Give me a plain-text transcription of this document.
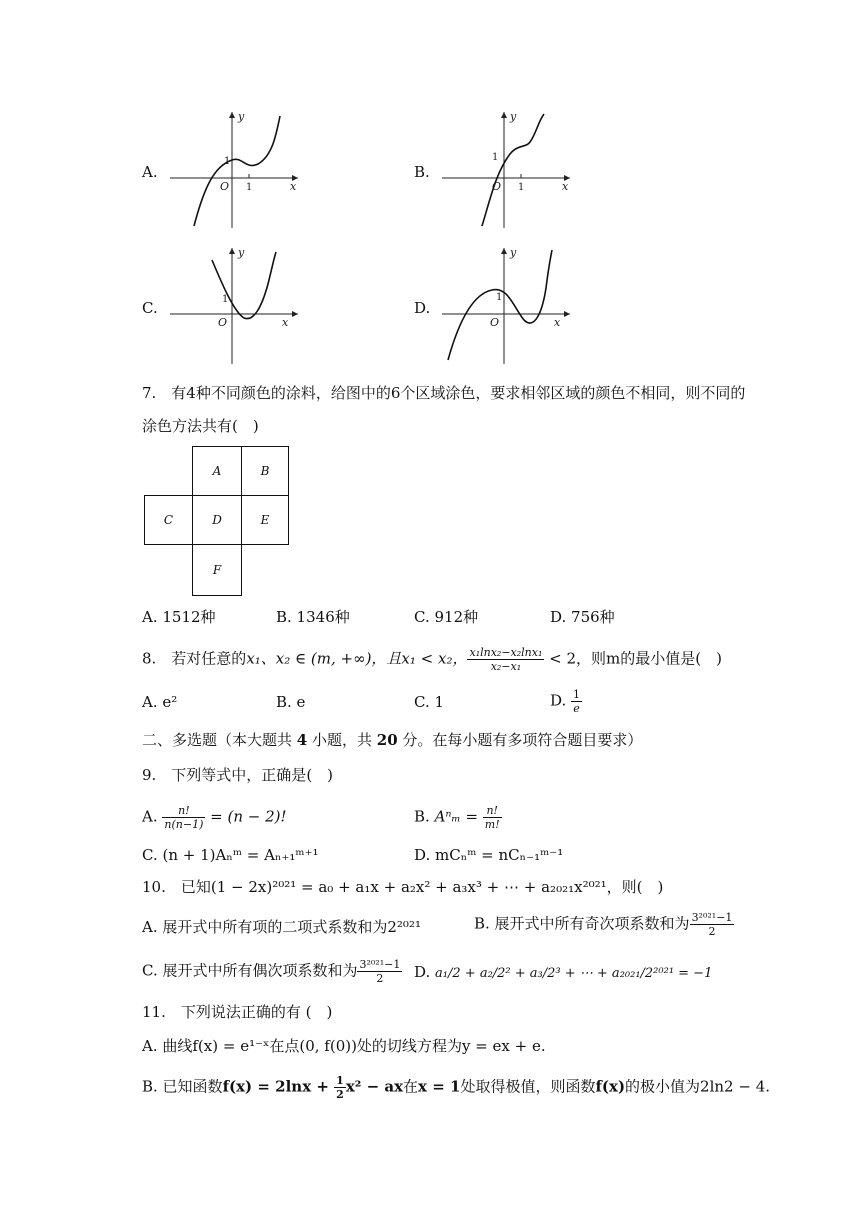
A.
y
x
O
1
1
B.
y
x
O
1
1
C.
y
x
O
1	D.
y
x
O
1
7.　有4种不同颜色的涂料，给图中的6个区域涂色，要求相邻区域的颜色不相同，则不同的
涂色方法共有(　)
A	B
C	D	E
F
A. 1512种	B. 1346种	C. 912种	D. 756种
8.　若对任意的x₁、x₂ ∈ (m, +∞)，且x₁ < x₂， $\frac{\text{x₁lnx₂−x₂lnx₁}}{\text{x₂−x₁}} < 2$，则m的最小值是(　)
A. e²	B. e	C. 1	D. $\frac{1}{e}$
二、多选题（本大题共 4 小题，共 20 分。在每小题有多项符合题目要求）
9.　下列等式中，正确是(　)
A. $\frac{n!}{n(n-1)} = (n - 2)$!	B. $A^n_m = \frac{n!}{m!}$
C. (n + 1)Aₙᵐ = Aₙ₊₁ᵐ⁺¹	D. mCₙᵐ = nCₙ₋₁ᵐ⁻¹
10.　已知(1 − 2x)²⁰²¹ = a₀ + a₁x + a₂x² + a₃x³ + ⋯ + a₂₀₂₁x²⁰²¹，则(　)
A. 展开式中所有项的二项式系数和为2²⁰²¹	B. 展开式中所有奇次项系数和为 $\frac{\text{3²⁰²¹−1}}{2}$
C. 展开式中所有偶次项系数和为 $\frac{\text{3²⁰²¹−1}}{2} D$. a₁/2 + a₂/2² + a₃/2³ + ⋯ + a₂₀₂₁/2²⁰²¹ = −1
11.　下列说法正确的有 (　)
A. 曲线f(x) = e¹⁻ˣ在点(0, f(0))处的切线方程为y = ex + e.
B. 已知函数$f(x) = 2\ln x + \frac{1}{2} x^2$ − ax在x = 1处取得极值，则函数f(x)的极小值为2ln2 − 4.
